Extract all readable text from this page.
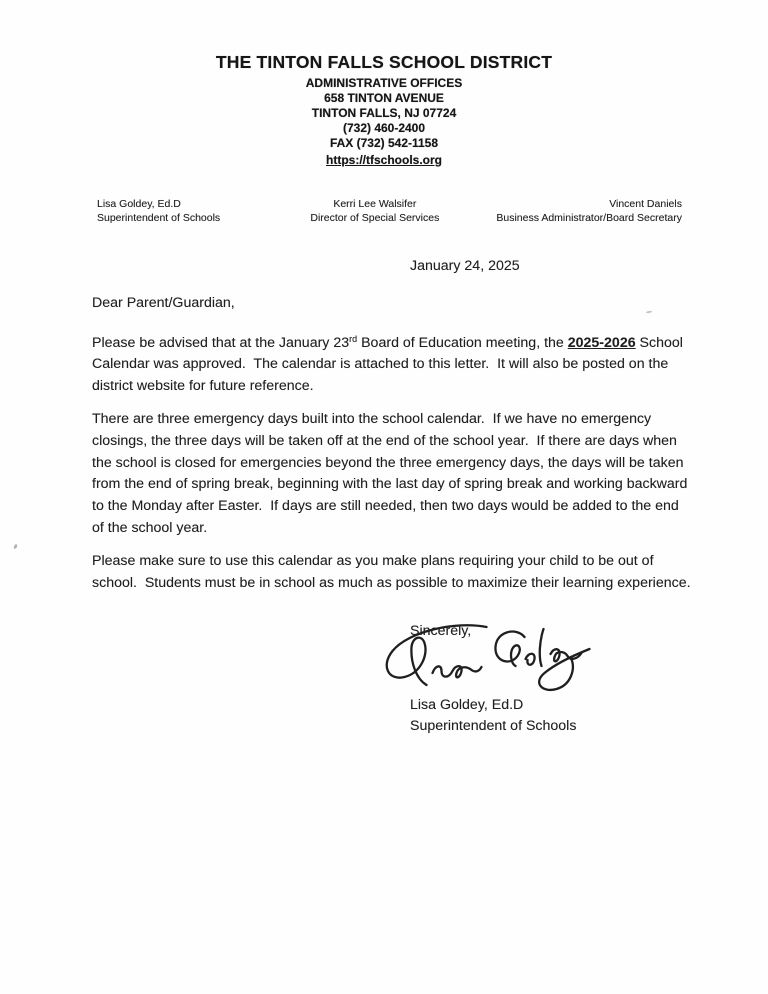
THE TINTON FALLS SCHOOL DISTRICT
ADMINISTRATIVE OFFICES
658 TINTON AVENUE
TINTON FALLS, NJ 07724
(732) 460-2400
FAX (732) 542-1158
https://tfschools.org
Lisa Goldey, Ed.D
Superintendent of Schools
Kerri Lee Walsifer
Director of Special Services
Vincent Daniels
Business Administrator/Board Secretary
January 24, 2025
Dear Parent/Guardian,

Please be advised that at the January 23rd Board of Education meeting, the 2025-2026 School Calendar was approved.  The calendar is attached to this letter.  It will also be posted on the district website for future reference.

There are three emergency days built into the school calendar.  If we have no emergency closings, the three days will be taken off at the end of the school year.  If there are days when the school is closed for emergencies beyond the three emergency days, the days will be taken from the end of spring break, beginning with the last day of spring break and working backward to the Monday after Easter.  If days are still needed, then two days would be added to the end of the school year.

Please make sure to use this calendar as you make plans requiring your child to be out of school.  Students must be in school as much as possible to maximize their learning experience.

Sincerely,
Lisa Goldey, Ed.D
Superintendent of Schools
